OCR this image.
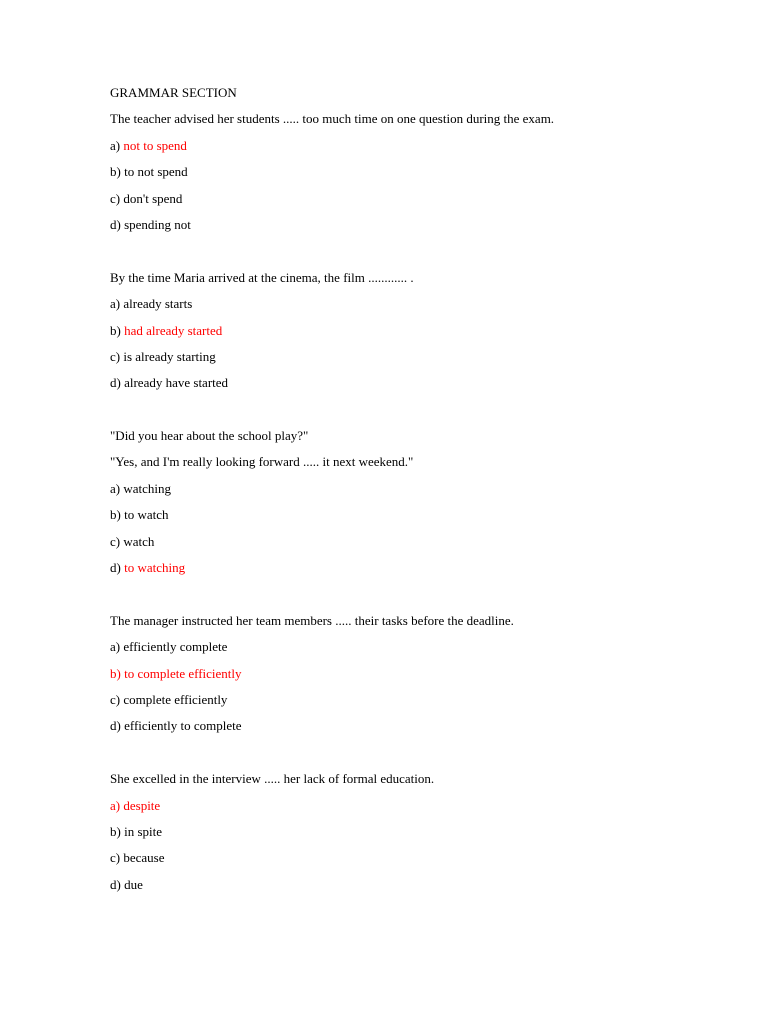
GRAMMAR SECTION
The teacher advised her students ..... too much time on one question during the exam.
a) not to spend
b) to not spend
c) don't spend
d) spending not
By the time Maria arrived at the cinema, the film ............ .
a) already starts
b) had already started
c) is already starting
d) already have started
"Did you hear about the school play?"
"Yes, and I'm really looking forward ..... it next weekend."
a) watching
b) to watch
c) watch
d) to watching
The manager instructed her team members ..... their tasks before the deadline.
a) efficiently complete
b) to complete efficiently
c) complete efficiently
d) efficiently to complete
She excelled in the interview ..... her lack of formal education.
a) despite
b) in spite
c) because
d) due
